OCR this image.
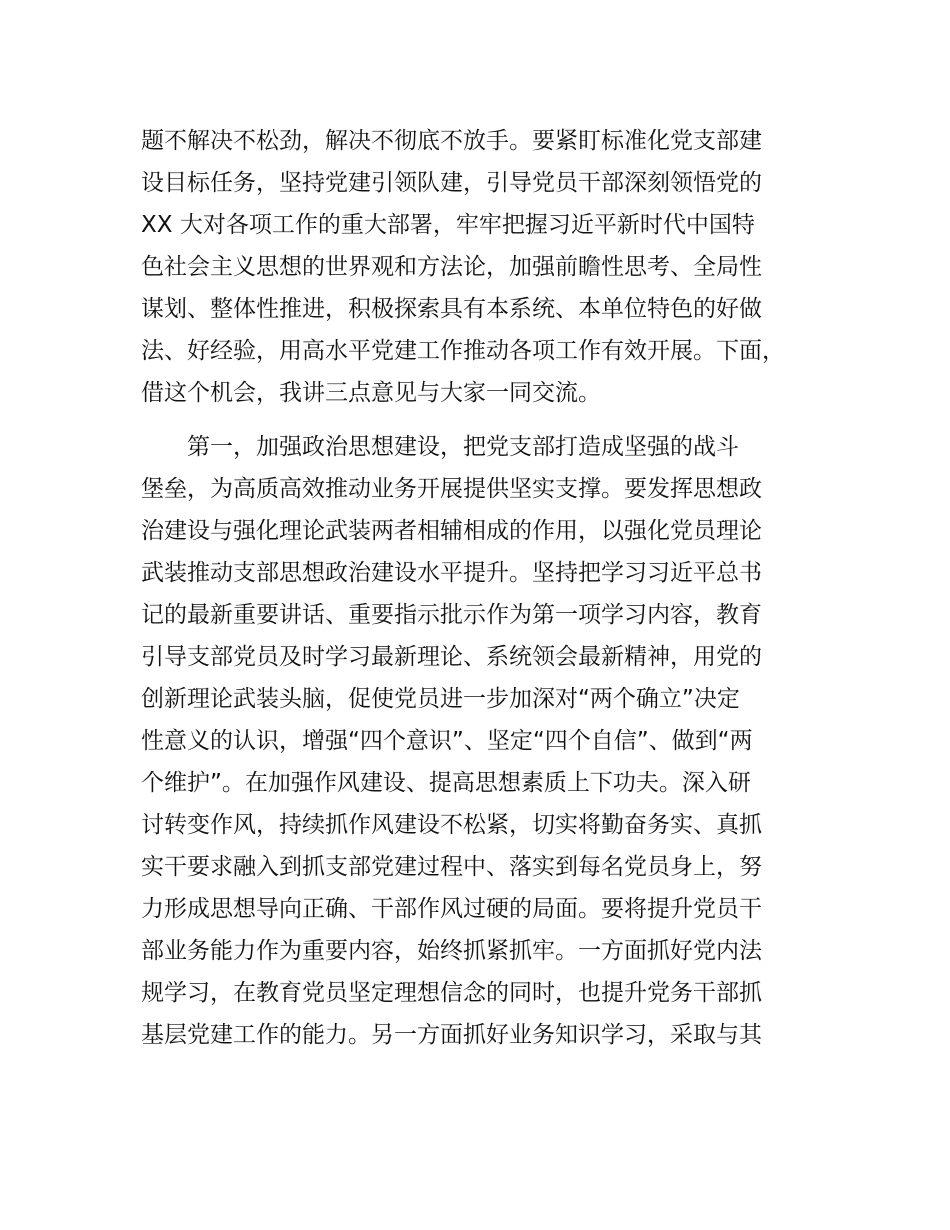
题不解决不松劲，解决不彻底不放手。要紧盯标准化党支部建
设目标任务，坚持党建引领队建，引导党员干部深刻领悟党的
XX 大对各项工作的重大部署，牢牢把握习近平新时代中国特
色社会主义思想的世界观和方法论，加强前瞻性思考、全局性
谋划、整体性推进，积极探索具有本系统、本单位特色的好做
法、好经验，用高水平党建工作推动各项工作有效开展。下面，
借这个机会，我讲三点意见与大家一同交流。
第一，加强政治思想建设，把党支部打造成坚强的战斗
堡垒，为高质高效推动业务开展提供坚实支撑。要发挥思想政
治建设与强化理论武装两者相辅相成的作用，以强化党员理论
武装推动支部思想政治建设水平提升。坚持把学习习近平总书
记的最新重要讲话、重要指示批示作为第一项学习内容，教育
引导支部党员及时学习最新理论、系统领会最新精神，用党的
创新理论武装头脑，促使党员进一步加深对“两个确立”决定
性意义的认识，增强“四个意识”、坚定“四个自信”、做到“两
个维护”。在加强作风建设、提高思想素质上下功夫。深入研
讨转变作风，持续抓作风建设不松紧，切实将勤奋务实、真抓
实干要求融入到抓支部党建过程中、落实到每名党员身上，努
力形成思想导向正确、干部作风过硬的局面。要将提升党员干
部业务能力作为重要内容，始终抓紧抓牢。一方面抓好党内法
规学习，在教育党员坚定理想信念的同时，也提升党务干部抓
基层党建工作的能力。另一方面抓好业务知识学习，采取与其
